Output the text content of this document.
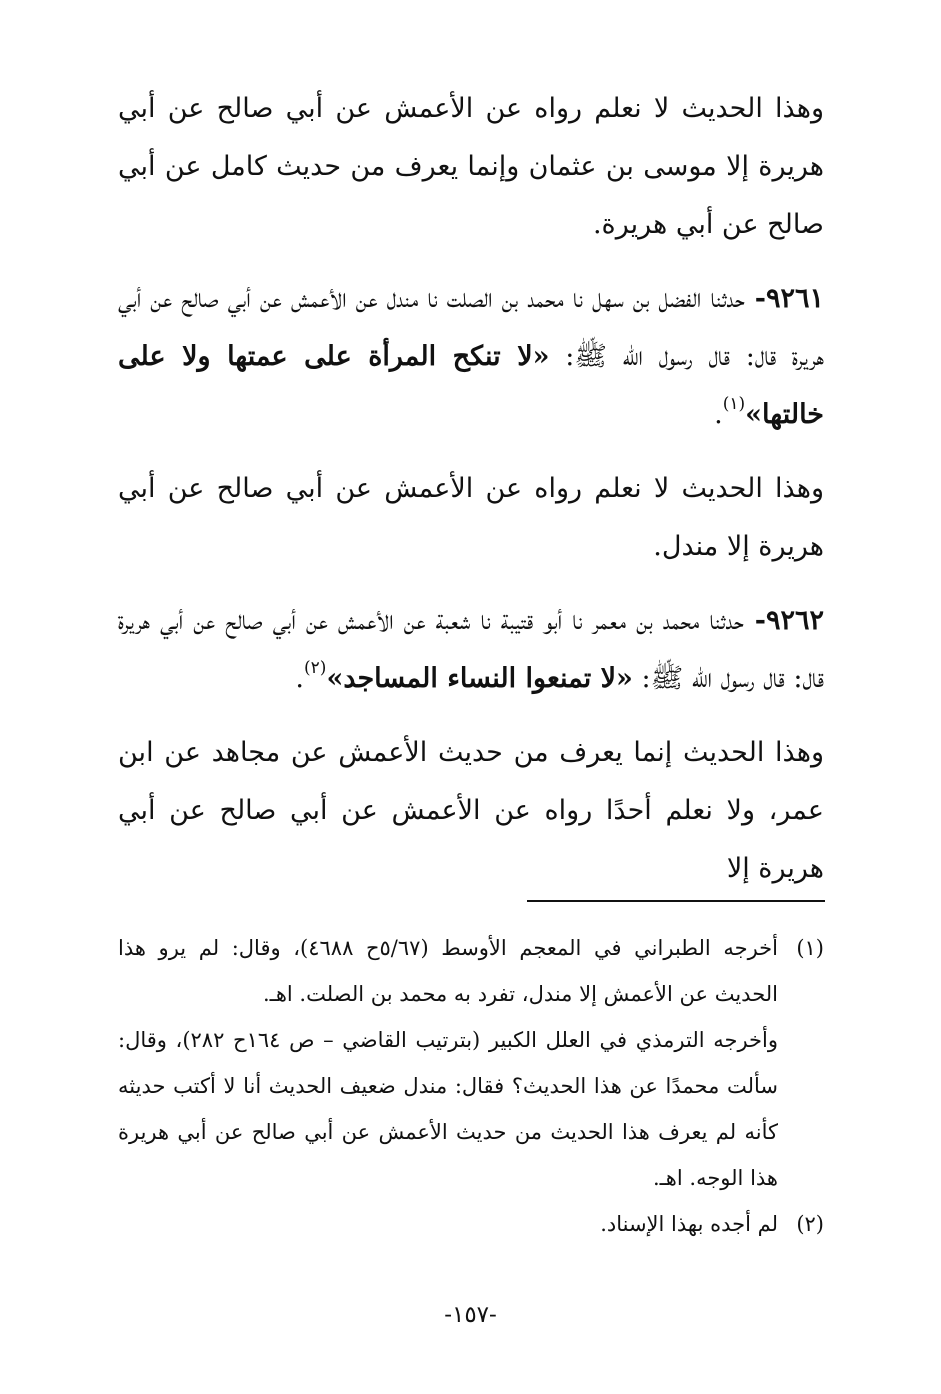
وهذا الحديث لا نعلم رواه عن الأعمش عن أبي صالح عن أبي هريرة إلا موسى بن عثمان وإنما يعرف من حديث كامل عن أبي صالح عن أبي هريرة.

٩٢٦١- حدثنا الفضل بن سهل نا محمد بن الصلت نا مندل عن الأعمش عن أبي صالح عن أبي هريرة قال: قال رسول الله ﷺ: «لا تنكح المرأة على عمتها ولا على خالتها»$^{(١)}$.

وهذا الحديث لا نعلم رواه عن الأعمش عن أبي صالح عن أبي هريرة إلا مندل.

٩٢٦٢- حدثنا محمد بن معمر نا أبو قتيبة نا شعبة عن الأعمش عن أبي صالح عن أبي هريرة قال: قال رسول الله ﷺ: «لا تمنعوا النساء المساجد»$^{(٢)}$.

وهذا الحديث إنما يعرف من حديث الأعمش عن مجاهد عن ابن عمر، ولا نعلم أحدًا رواه عن الأعمش عن أبي صالح عن أبي هريرة إلا

(١)

أخرجه الطبراني في المعجم الأوسط (٥/٦٧ح ٤٦٨٨)، وقال: لم يرو هذا الحديث عن الأعمش إلا مندل، تفرد به محمد بن الصلت. اهـ.

وأخرجه الترمذي في العلل الكبير (بترتيب القاضي – ص ١٦٤ح ٢٨٢)، وقال: سألت محمدًا عن هذا الحديث؟ فقال: مندل ضعيف الحديث أنا لا أكتب حديثه كأنه لم يعرف هذا الحديث من حديث الأعمش عن أبي صالح عن أبي هريرة هذا الوجه. اهـ.

(٢)

لم أجده بهذا الإسناد.

-١٥٧-
